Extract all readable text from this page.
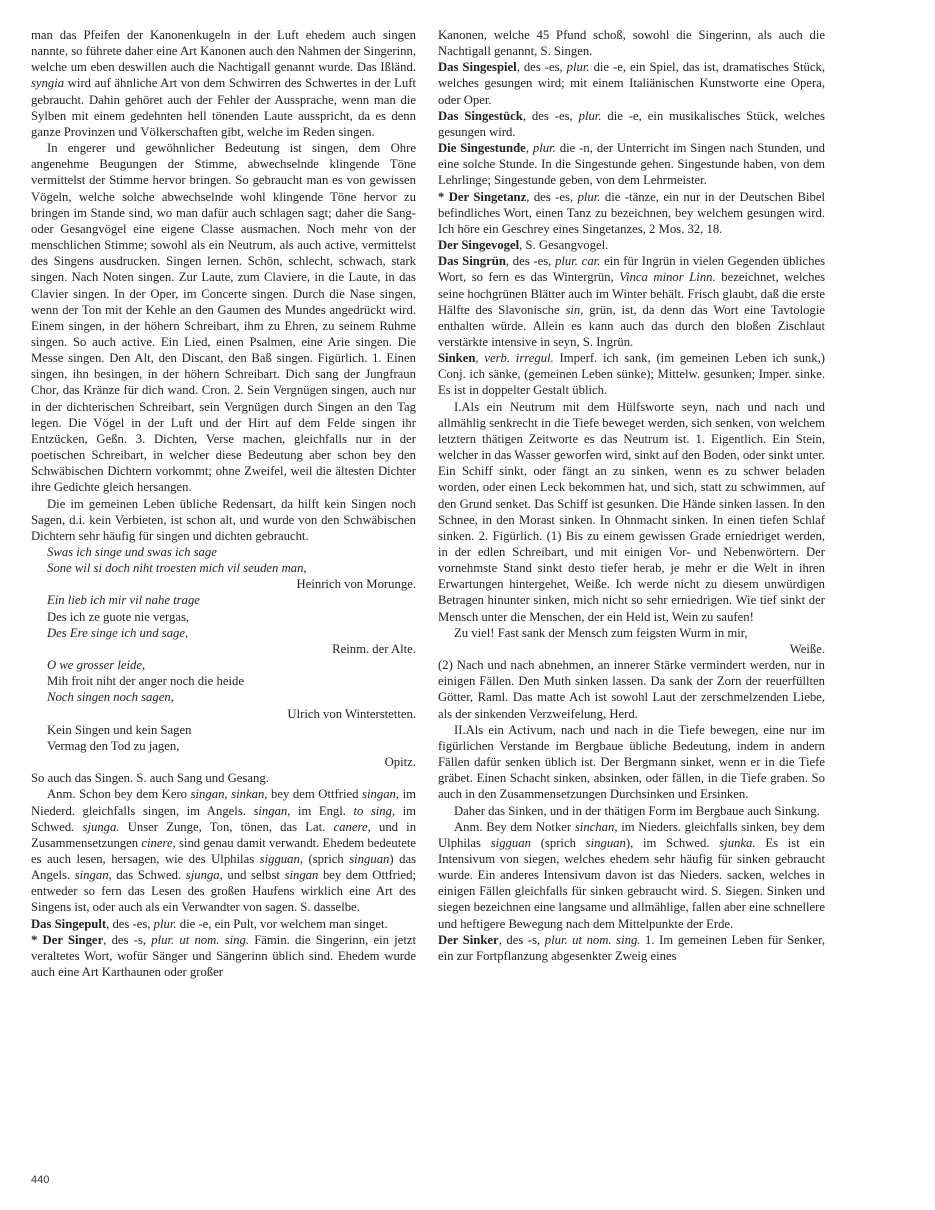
man das Pfeifen der Kanonenkugeln in der Luft ehedem auch singen nannte, so führete daher eine Art Kanonen auch den Nahmen der Singerinn, welche um eben deswillen auch die Nachtigall genannt wurde. Das Ißländ. syngia wird auf ähnliche Art von dem Schwirren des Schwertes in der Luft gebraucht. Dahin gehöret auch der Fehler der Aussprache, wenn man die Sylben mit einem gedehnten hell tönenden Laute ausspricht, da es denn ganze Provinzen und Völkerschaften gibt, welche im Reden singen.

In engerer und gewöhnlicher Bedeutung ist singen, dem Ohre angenehme Beugungen der Stimme, abwechselnde klingende Töne vermittelst der Stimme hervor bringen. So gebraucht man es von gewissen Vögeln, welche solche abwechselnde wohl klingende Töne hervor zu bringen im Stande sind, wo man dafür auch schlagen sagt; daher die Sang- oder Gesangvögel eine eigene Classe ausmachen. Noch mehr von der menschlichen Stimme; sowohl als ein Neutrum, als auch active, vermittelst des Singens ausdrucken. Singen lernen. Schön, schlecht, schwach, stark singen. Nach Noten singen. Zur Laute, zum Claviere, in die Laute, in das Clavier singen. In der Oper, im Concerte singen. Durch die Nase singen, wenn der Ton mit der Kehle an den Gaumen des Mundes angedrückt wird. Einem singen, in der höhern Schreibart, ihm zu Ehren, zu seinem Ruhme singen. So auch active. Ein Lied, einen Psalmen, eine Arie singen. Die Messe singen. Den Alt, den Discant, den Baß singen. Figürlich. 1. Einen singen, ihn besingen, in der höhern Schreibart. Dich sang der Jungfraun Chor, das Kränze für dich wand. Cron. 2. Sein Vergnügen singen, auch nur in der dichterischen Schreibart, sein Vergnügen durch Singen an den Tag legen. Die Vögel in der Luft und der Hirt auf dem Felde singen ihr Entzücken, Geßn. 3. Dichten, Verse machen, gleichfalls nur in der poetischen Schreibart, in welcher diese Bedeutung aber schon bey den Schwäbischen Dichtern vorkommt; ohne Zweifel, weil die ältesten Dichter ihre Gedichte gleich hersangen.

Die im gemeinen Leben übliche Redensart, da hilft kein Singen noch Sagen, d.i. kein Verbieten, ist schon alt, und wurde von den Schwäbischen Dichtern sehr häufig für singen und dichten gebraucht.

Swas ich singe und swas ich sage

Sone wil si doch niht troesten mich vil seuden man,

Heinrich von Morunge.

Ein lieb ich mir vil nahe trage

Des ich ze guote nie vergas,

Des Ere singe ich und sage,

Reinm. der Alte.

O we grosser leide,

Mih froit niht der anger noch die heide

Noch singen noch sagen,

Ulrich von Winterstetten.

Kein Singen und kein Sagen

Vermag den Tod zu jagen,

Opitz.

So auch das Singen. S. auch Sang und Gesang.

Anm. Schon bey dem Kero singan, sinkan, bey dem Ottfried singan, im Niederd. gleichfalls singen, im Angels. singan, im Engl. to sing, im Schwed. sjunga. Unser Zunge, Ton, tönen, das Lat. canere, und in Zusammensetzungen cinere, sind genau damit verwandt. Ehedem bedeutete es auch lesen, hersagen, wie des Ulphilas sigguan, (sprich singuan) das Angels. singan, das Schwed. sjunga, und selbst singan bey dem Ottfried; entweder so fern das Lesen des großen Haufens wirklich eine Art des Singens ist, oder auch als ein Verwandter von sagen. S. dasselbe.

Das Singepult, des -es, plur. die -e, ein Pult, vor welchem man singet.

* Der Singer, des -s, plur. ut nom. sing. Fämin. die Singerinn, ein jetzt veraltetes Wort, wofür Sänger und Sängerinn üblich sind. Ehedem wurde auch eine Art Karthaunen oder großer

Kanonen, welche 45 Pfund schoß, sowohl die Singerinn, als auch die Nachtigall genannt, S. Singen.

Das Singespiel, des -es, plur. die -e, ein Spiel, das ist, dramatisches Stück, welches gesungen wird; mit einem Italiänischen Kunstworte eine Opera, oder Oper.

Das Singestück, des -es, plur. die -e, ein musikalisches Stück, welches gesungen wird.

Die Singestunde, plur. die -n, der Unterricht im Singen nach Stunden, und eine solche Stunde. In die Singestunde gehen. Singestunde haben, von dem Lehrlinge; Singestunde geben, von dem Lehrmeister.

* Der Singetanz, des -es, plur. die -tänze, ein nur in der Deutschen Bibel befindliches Wort, einen Tanz zu bezeichnen, bey welchem gesungen wird. Ich höre ein Geschrey eines Singetanzes, 2 Mos. 32, 18.

Der Singevogel, S. Gesangvogel.

Das Singrün, des -es, plur. car. ein für Ingrün in vielen Gegenden übliches Wort, so fern es das Wintergrün, Vinca minor Linn. bezeichnet, welches seine hochgrünen Blätter auch im Winter behält. Frisch glaubt, daß die erste Hälfte des Slavonische sin, grün, ist, da denn das Wort eine Tavtologie enthalten würde. Allein es kann auch das durch den bloßen Zischlaut verstärkte intensive in seyn, S. Ingrün.

Sinken, verb. irregul. Imperf. ich sank, (im gemeinen Leben ich sunk,) Conj. ich sänke, (gemeinen Leben sünke); Mittelw. gesunken; Imper. sinke. Es ist in doppelter Gestalt üblich.

I.Als ein Neutrum mit dem Hülfsworte seyn, nach und nach und allmählig senkrecht in die Tiefe beweget werden, sich senken, von welchem letztern thätigen Zeitworte es das Neutrum ist. 1. Eigentlich. Ein Stein, welcher in das Wasser geworfen wird, sinkt auf den Boden, oder sinkt unter. Ein Schiff sinkt, oder fängt an zu sinken, wenn es zu schwer beladen worden, oder einen Leck bekommen hat, und sich, statt zu schwimmen, auf den Grund senket. Das Schiff ist gesunken. Die Hände sinken lassen. In den Schnee, in den Morast sinken. In Ohnmacht sinken. In einen tiefen Schlaf sinken. 2. Figürlich. (1) Bis zu einem gewissen Grade erniedriget werden, in der edlen Schreibart, und mit einigen Vor- und Nebenwörtern. Der vornehmste Stand sinkt desto tiefer herab, je mehr er die Welt in ihren Erwartungen hintergehet, Weiße. Ich werde nicht zu diesem unwürdigen Betragen hinunter sinken, mich nicht so sehr erniedrigen. Wie tief sinkt der Mensch unter die Menschen, der ein Held ist, Wein zu saufen!

Zu viel! Fast sank der Mensch zum feigsten Wurm in mir,

Weiße.

(2) Nach und nach abnehmen, an innerer Stärke vermindert werden, nur in einigen Fällen. Den Muth sinken lassen. Da sank der Zorn der reuerfüllten Götter, Raml. Das matte Ach ist sowohl Laut der zerschmelzenden Liebe, als der sinkenden Verzweifelung, Herd.

II.Als ein Activum, nach und nach in die Tiefe bewegen, eine nur im figürlichen Verstande im Bergbaue übliche Bedeutung, indem in andern Fällen dafür senken üblich ist. Der Bergmann sinket, wenn er in die Tiefe gräbet. Einen Schacht sinken, absinken, oder fällen, in die Tiefe graben. So auch in den Zusammensetzungen Durchsinken und Ersinken.

Daher das Sinken, und in der thätigen Form im Bergbaue auch Sinkung.

Anm. Bey dem Notker sinchan, im Nieders. gleichfalls sinken, bey dem Ulphilas sigguan (sprich singuan), im Schwed. sjunka. Es ist ein Intensivum von siegen, welches ehedem sehr häufig für sinken gebraucht wurde. Ein anderes Intensivum davon ist das Nieders. sacken, welches in einigen Fällen gleichfalls für sinken gebraucht wird. S. Siegen. Sinken und siegen bezeichnen eine langsame und allmählige, fallen aber eine schnellere und heftigere Bewegung nach dem Mittelpunkte der Erde.

Der Sinker, des -s, plur. ut nom. sing. 1. Im gemeinen Leben für Senker, ein zur Fortpflanzung abgesenkter Zweig eines

440
